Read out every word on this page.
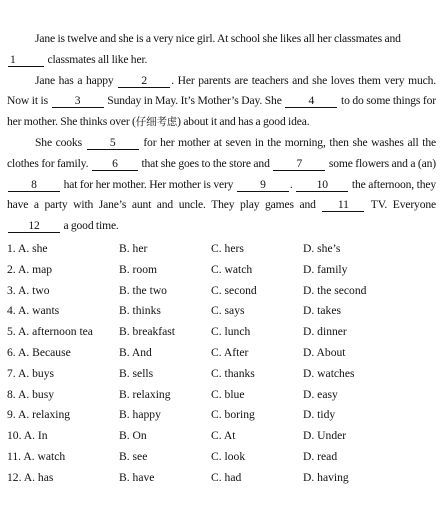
Jane is twelve and she is a very nice girl. At school she likes all her classmates and
1	classmates all like her.

Jane has a happy 2 . Her parents are teachers and she loves them very much. Now it is 3 Sunday in May. It’s Mother’s Day. She 4 to do some things for her mother. She thinks over (仔细考虑) about it and has a good idea.

She cooks 5 for her mother at seven in the morning, then she washes all the clothes for family. 6 that she goes to the store and 7 some flowers and a (an) 8 hat for her mother. Her mother is very 9 . 10 the afternoon, they have a party with Jane’s aunt and uncle. They play games and 11 TV. Everyone 12 a good time.

1. A. she	B. her	C. hers	D. she’s
2. A. map	B. room	C. watch	D. family
3. A. two	B. the two	C. second	D. the second
4. A. wants	B. thinks	C. says	D. takes
5. A. afternoon tea	B. breakfast	C. lunch	D. dinner
6. A. Because	B. And	C. After	D. About
7. A. buys	B. sells	C. thanks	D. watches
8. A. busy	B. relaxing	C. blue	D. easy
9. A. relaxing	B. happy	C. boring	D. tidy
10. A. In	B. On	C. At	D. Under
11. A. watch	B. see	C. look	D. read
12. A. has	B. have	C. had	D. having
